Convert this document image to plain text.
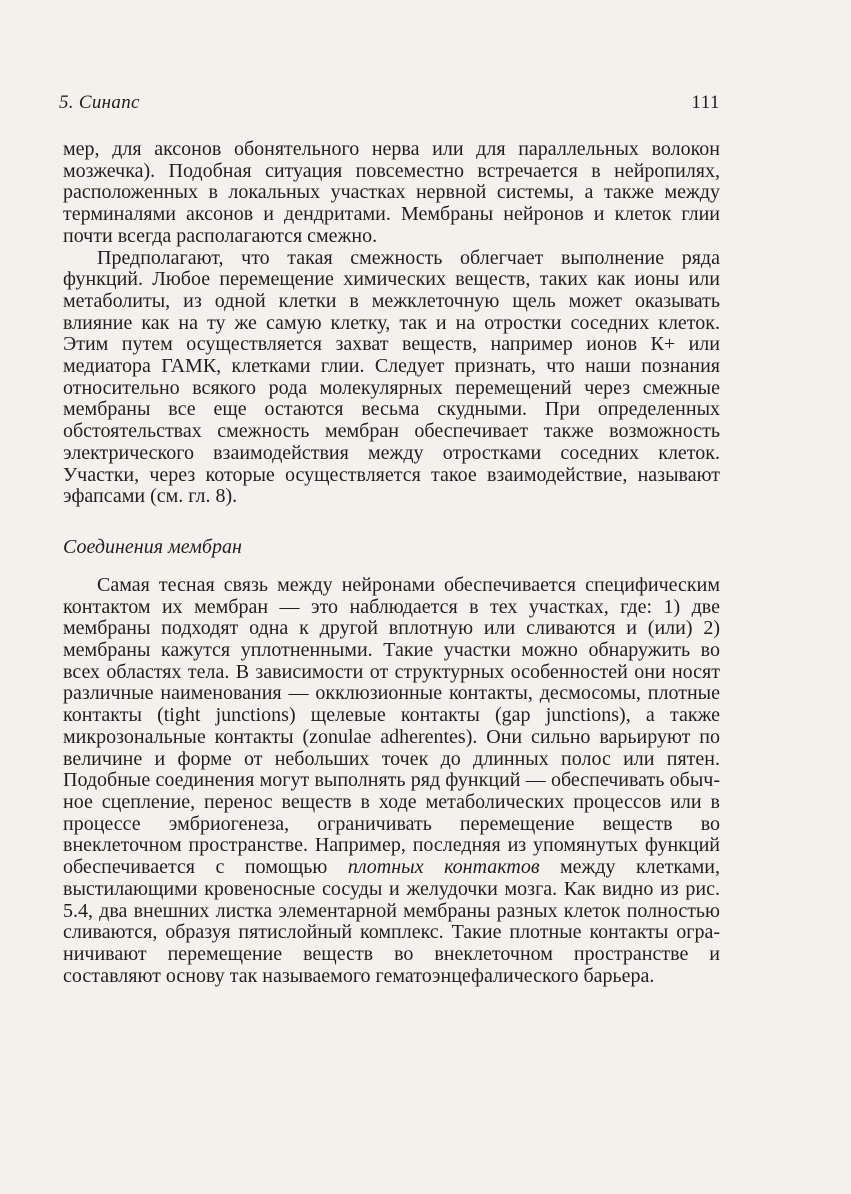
5. Синапс	111

мер, для аксонов обонятельного нерва или для параллельных волокон мозжечка). Подобная ситуация повсеместно встречается в нейропилях, расположенных в локальных участках нервной системы, а также между терминалями аксонов и дендритами. Мембраны нейронов и клеток глии почти всегда располагаются смежно.

Предполагают, что такая смежность облегчает выполнение ряда функций. Любое перемещение химических веществ, таких как ионы или метаболиты, из одной клетки в межклеточную щель может оказывать влияние как на ту же самую клетку, так и на отростки соседних клеток. Этим путем осуществляется захват веществ, например ионов К+ или медиатора ГАМК, клетками глии. Следует признать, что наши познания относительно всякого рода молекулярных перемещений через смежные мембраны все еще остаются весьма скудными. При определенных обстоятельствах смежность мембран обеспечивает также возможность электрического взаимодействия между отростками соседних клеток. Участки, через которые осуществляется такое взаимодействие, называют эфапсами (см. гл. 8).

Соединения мембран

Самая тесная связь между нейронами обеспечивается специфическим контактом их мембран — это наблюдается в тех участках, где: 1) две мембраны подходят одна к другой вплотную или сливаются и (или) 2) мембраны кажутся уплотненными. Такие участки можно обнаружить во всех областях тела. В зависимости от структурных особенностей они носят различные наименования — окклюзионные контакты, десмосомы, плотные контакты (tight junctions) щелевые контакты (gap junctions), а также микрозональные контакты (zonulae adherentes). Они сильно варьируют по величине и форме от небольших точек до длинных полос или пятен. Подобные соединения могут выполнять ряд функций — обеспечивать обычное сцепление, перенос веществ в ходе метаболических процессов или в процессе эмбриогенеза, ограничивать перемещение веществ во внеклеточном пространстве. Например, последняя из упомянутых функций обеспечивается с помощью плотных контактов между клетками, выстилающими кровеносные сосуды и желудочки мозга. Как видно из рис. 5.4, два внешних листка элементарной мембраны разных клеток полностью сливаются, образуя пятислойный комплекс. Такие плотные контакты ограничивают перемещение веществ во внеклеточном пространстве и составляют основу так называемого гематоэнцефалического барьера.
